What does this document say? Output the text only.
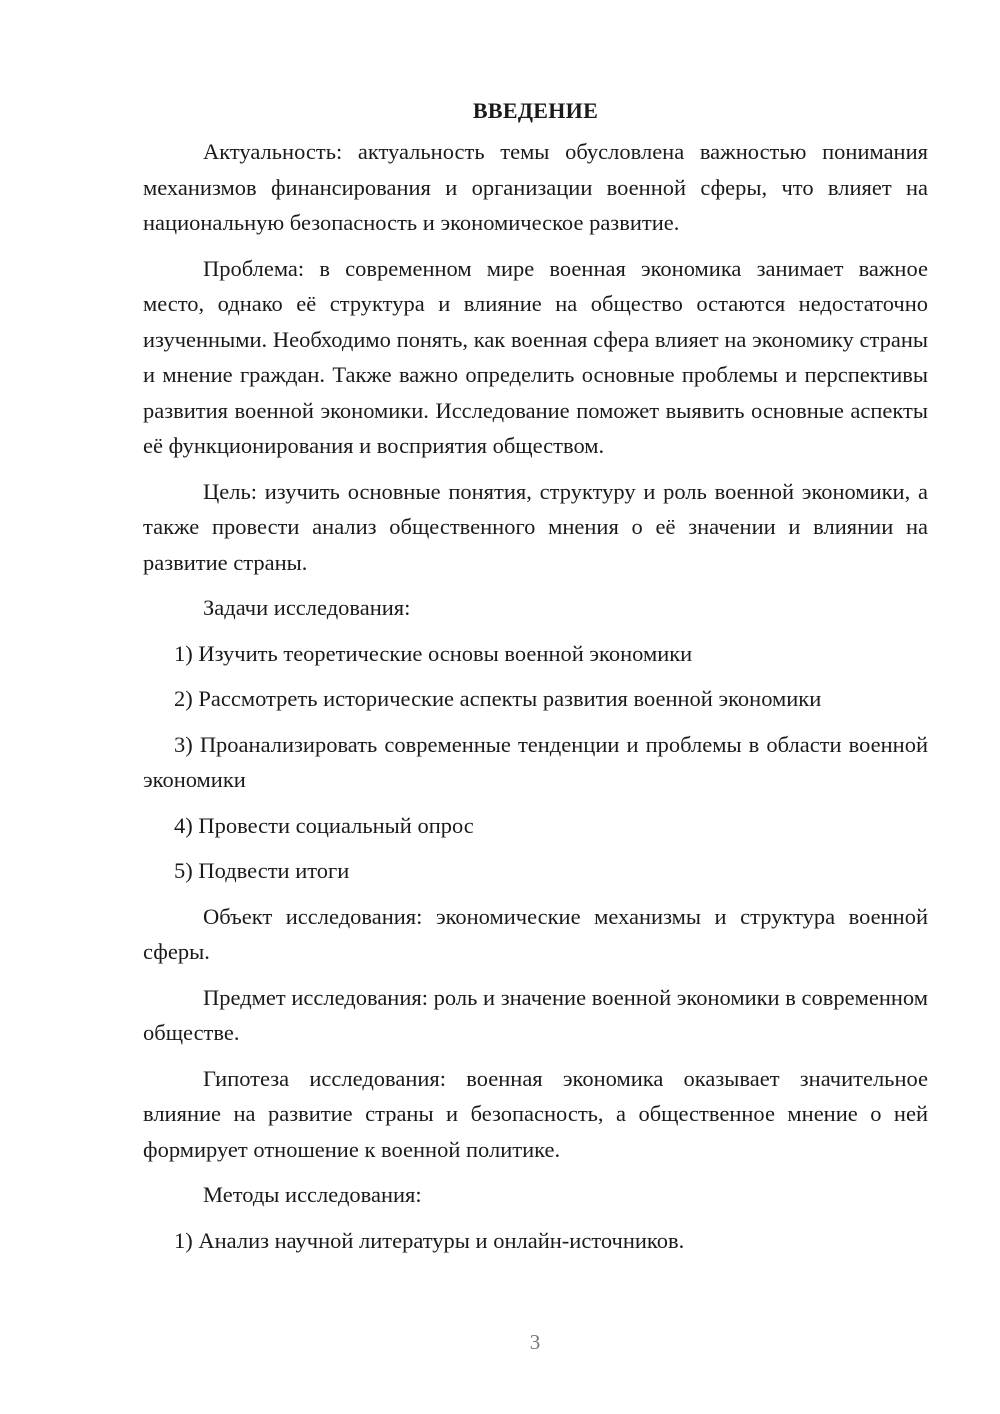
ВВЕДЕНИЕ

Актуальность: актуальность темы обусловлена важностью понимания механизмов финансирования и организации военной сферы, что влияет на национальную безопасность и экономическое развитие.

Проблема: в современном мире военная экономика занимает важное место, однако её структура и влияние на общество остаются недостаточно изученными. Необходимо понять, как военная сфера влияет на экономику страны и мнение граждан. Также важно определить основные проблемы и перспективы развития военной экономики. Исследование поможет выявить основные аспекты её функционирования и восприятия обществом.

Цель: изучить основные понятия, структуру и роль военной экономики, а также провести анализ общественного мнения о её значении и влиянии на развитие страны.

Задачи исследования:

1) Изучить теоретические основы военной экономики

2) Рассмотреть исторические аспекты развития военной экономики

3) Проанализировать современные тенденции и проблемы в области военной экономики

4) Провести социальный опрос

5) Подвести итоги

Объект исследования: экономические механизмы и структура военной сферы.

Предмет исследования: роль и значение военной экономики в современном обществе.

Гипотеза исследования: военная экономика оказывает значительное влияние на развитие страны и безопасность, а общественное мнение о ней формирует отношение к военной политике.

Методы исследования:

1) Анализ научной литературы и онлайн-источников.

3
